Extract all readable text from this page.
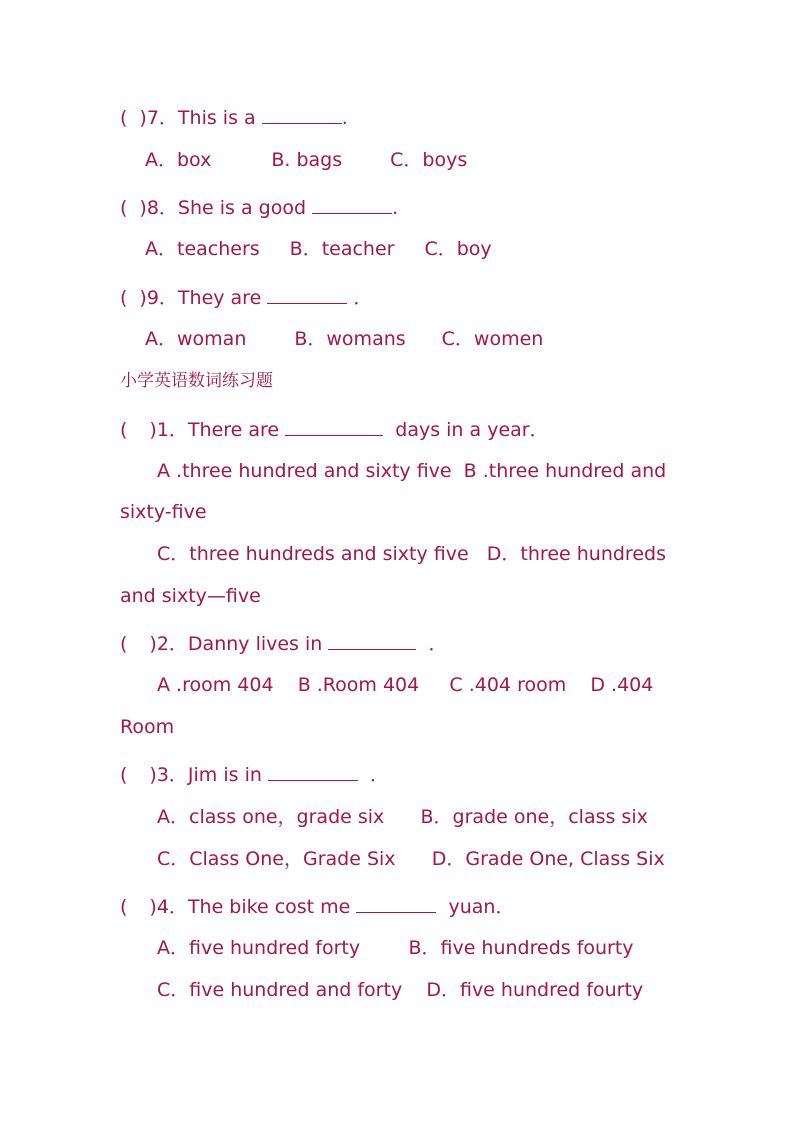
( )7．This is a	.
A．box	B. bags	C．boys
( )8．She is a good	.
A．teachers B．teacher C．boy
( )9．They are	．
A．woman	B．womans C．women
小学英语数词练习题
( )1．There are	days in a year．
A .three hundred and sixty five  B .three hundred and
sixty-five
C．three hundreds and sixty five   D．three hundreds
and sixty—five
( )2．Danny lives in	．
A .room 404    B .Room 404     C .404 room    D .404
Room
( )3．Jim is in	．
A．class one，grade six      B．grade one，class six
C．Class One，Grade Six      D．Grade One, Class Six
( )4．The bike cost me	yuan．
A．five hundred forty        B．five hundreds fourty
C．five hundred and forty    D．five hundred fourty
